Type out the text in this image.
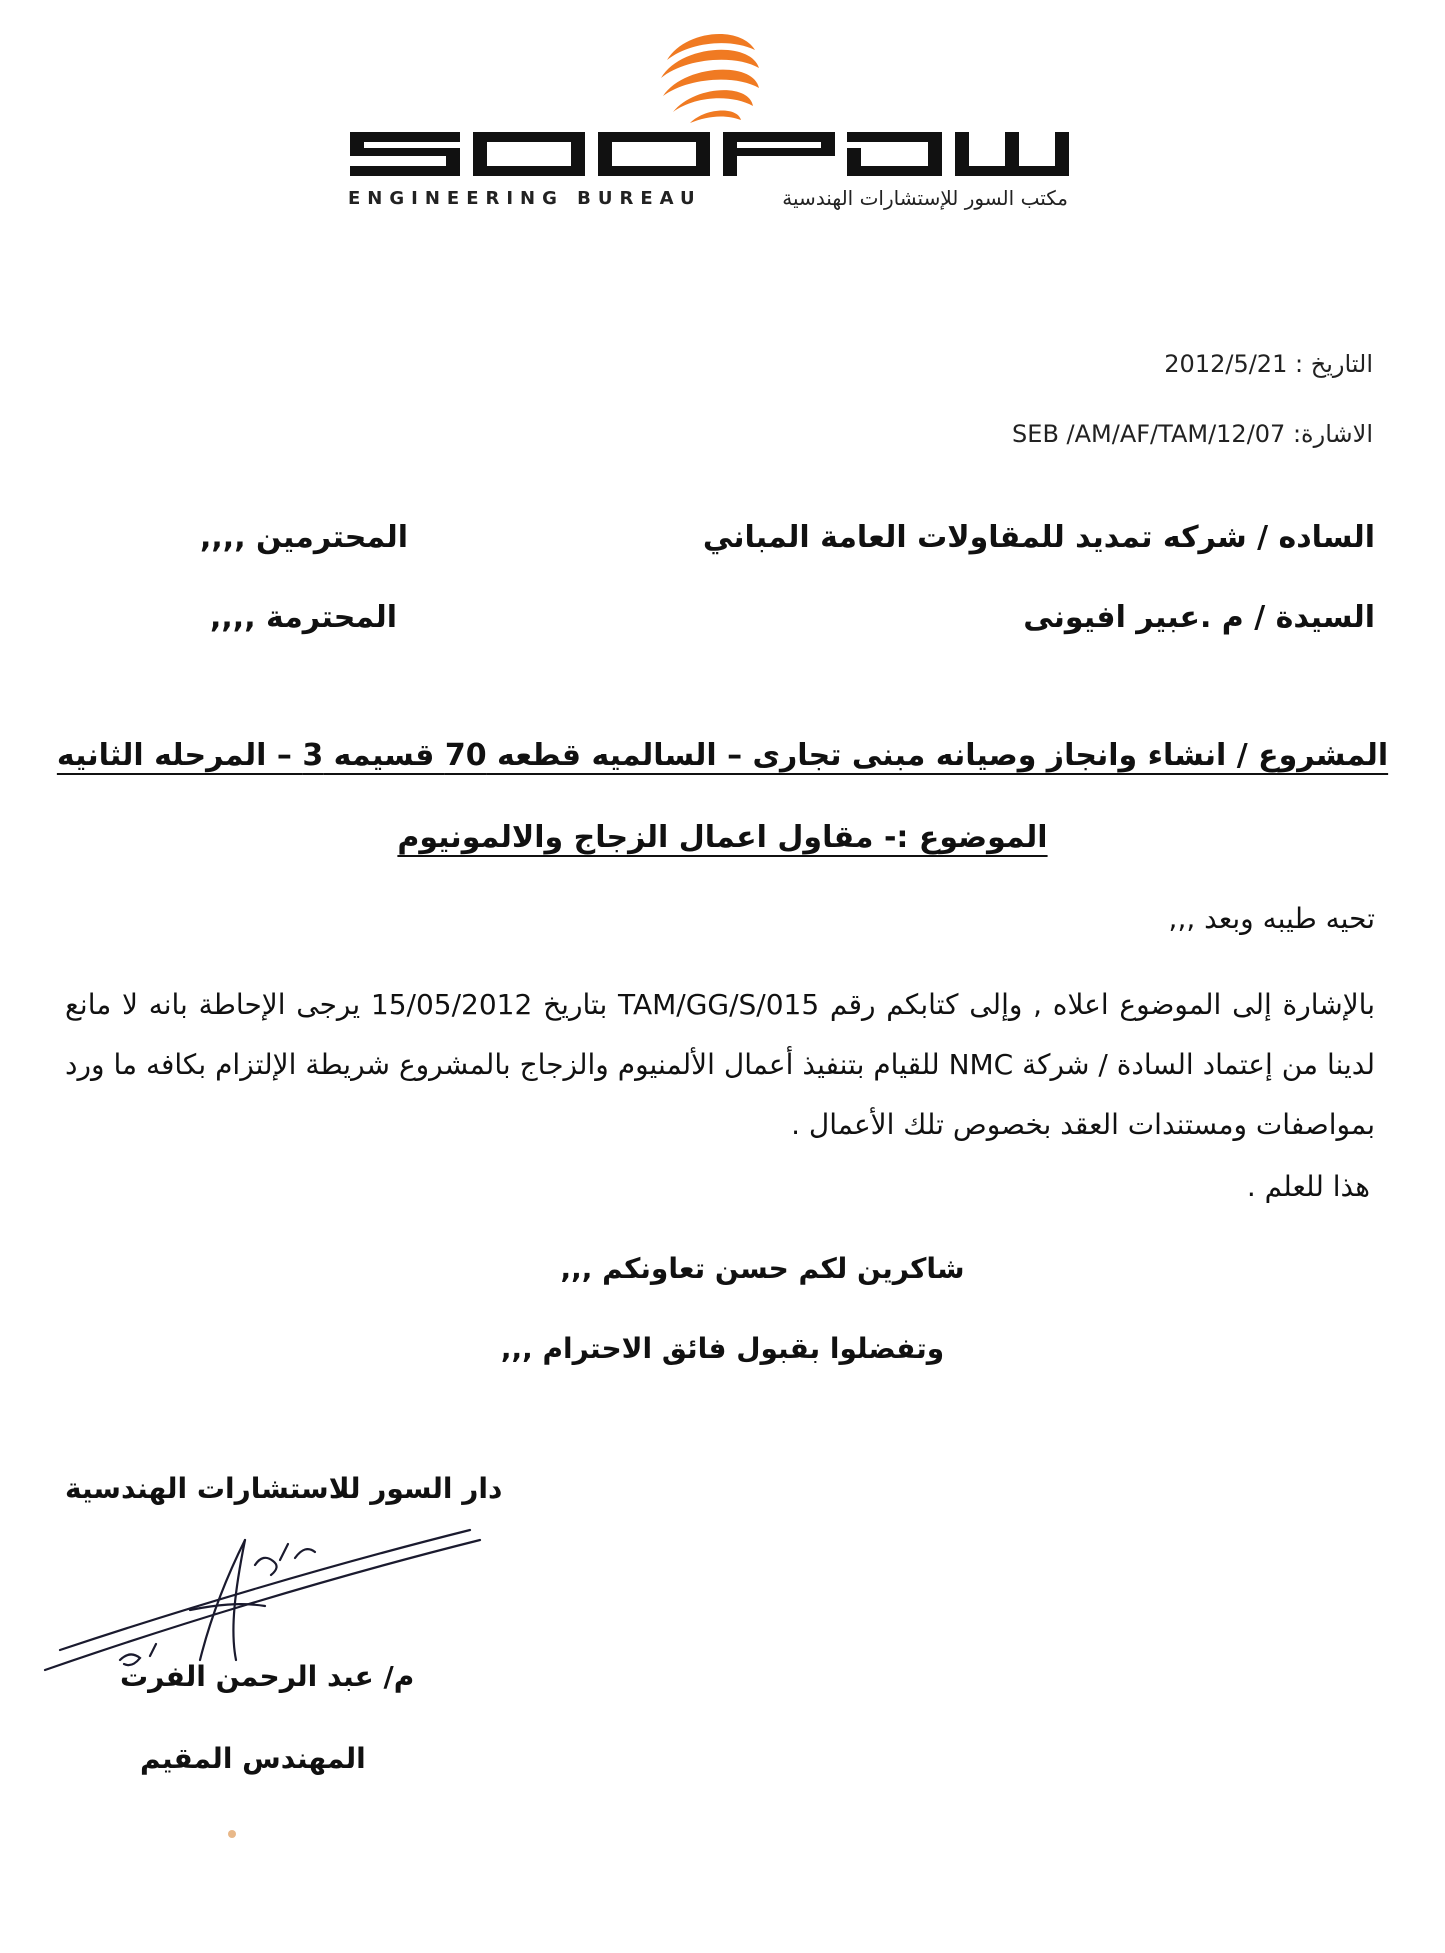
ENGINEERING BUREAU	مكتب السور للإستشارات الهندسية
التاريخ : 2012/5/21
الاشارة: SEB /AM/AF/TAM/12/07
الساده / شركه تمديد للمقاولات العامة المباني
المحترمين ,,,,
السيدة / م .عبير افيونى
المحترمة ,,,,
المشروع / انشاء وانجاز وصيانه مبنى تجارى – السالميه قطعه 70 قسيمه 3 – المرحله الثانيه
الموضوع :- مقاول اعمال الزجاج والالمونيوم
تحيه طيبه وبعد ,,,
بالإشارة إلى الموضوع اعلاه , وإلى كتابكم رقم TAM/GG/S/015 بتاريخ 15/05/2012 يرجى الإحاطة بانه لا مانع لدينا من إعتماد السادة / شركة NMC للقيام بتنفيذ أعمال الألمنيوم والزجاج بالمشروع شريطة الإلتزام بكافه ما ورد بمواصفات ومستندات العقد بخصوص تلك الأعمال .
هذا للعلم .
شاكرين لكم حسن تعاونكم ,,,
وتفضلوا بقبول فائق الاحترام ,,,
دار السور للاستشارات الهندسية
م/ عبد الرحمن الفرت
المهندس المقيم
